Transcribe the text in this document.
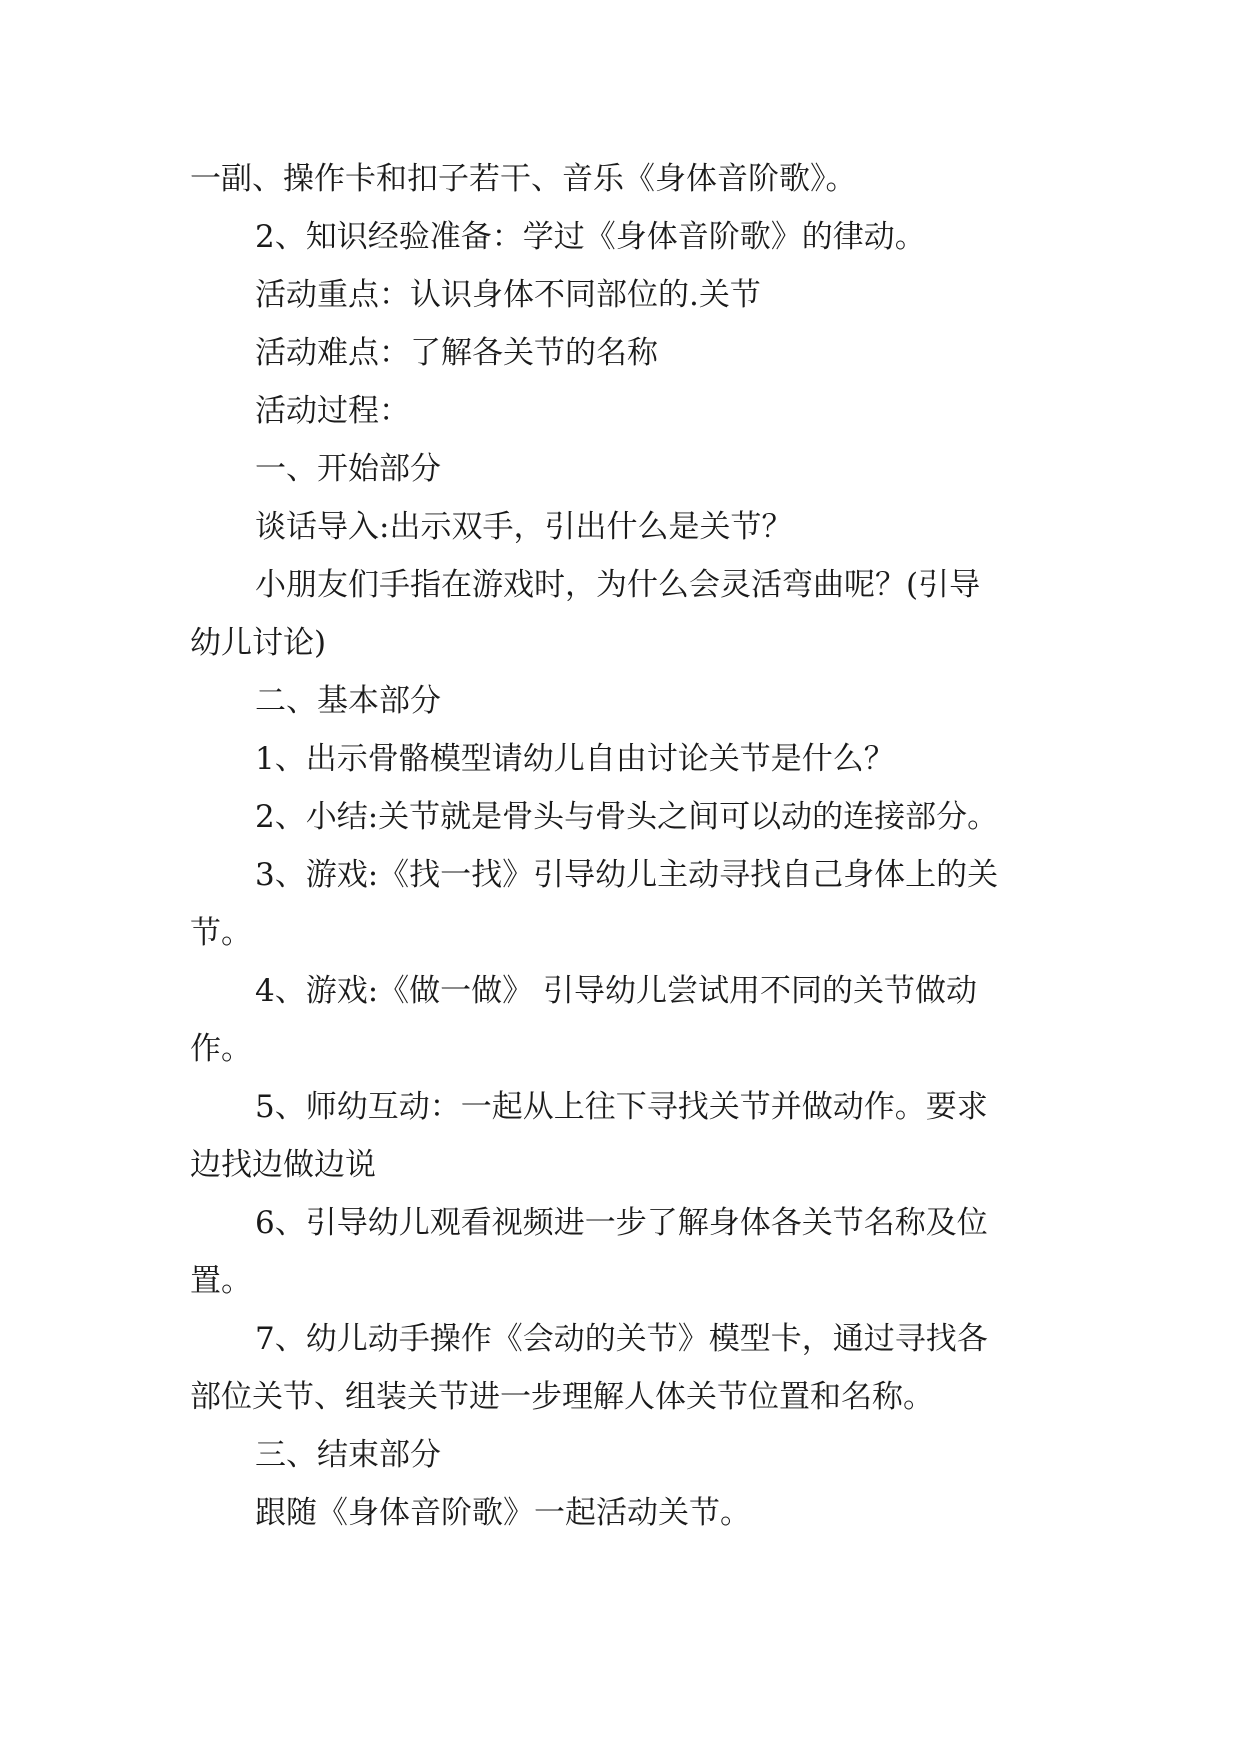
一副、操作卡和扣子若干、音乐《身体音阶歌》。

2、知识经验准备：学过《身体音阶歌》的律动。

活动重点：认识身体不同部位的.关节

活动难点：了解各关节的名称

活动过程：

一、开始部分

谈话导入:出示双手，引出什么是关节？

小朋友们手指在游戏时，为什么会灵活弯曲呢？(引导

幼儿讨论)

二、基本部分

1、出示骨骼模型请幼儿自由讨论关节是什么？

2、小结:关节就是骨头与骨头之间可以动的连接部分。

3、游戏:《找一找》引导幼儿主动寻找自己身体上的关

节。

4、游戏:《做一做》 引导幼儿尝试用不同的关节做动

作。

5、师幼互动：一起从上往下寻找关节并做动作。要求

边找边做边说

6、引导幼儿观看视频进一步了解身体各关节名称及位

置。

7、幼儿动手操作《会动的关节》模型卡，通过寻找各

部位关节、组装关节进一步理解人体关节位置和名称。

三、结束部分

跟随《身体音阶歌》一起活动关节。
